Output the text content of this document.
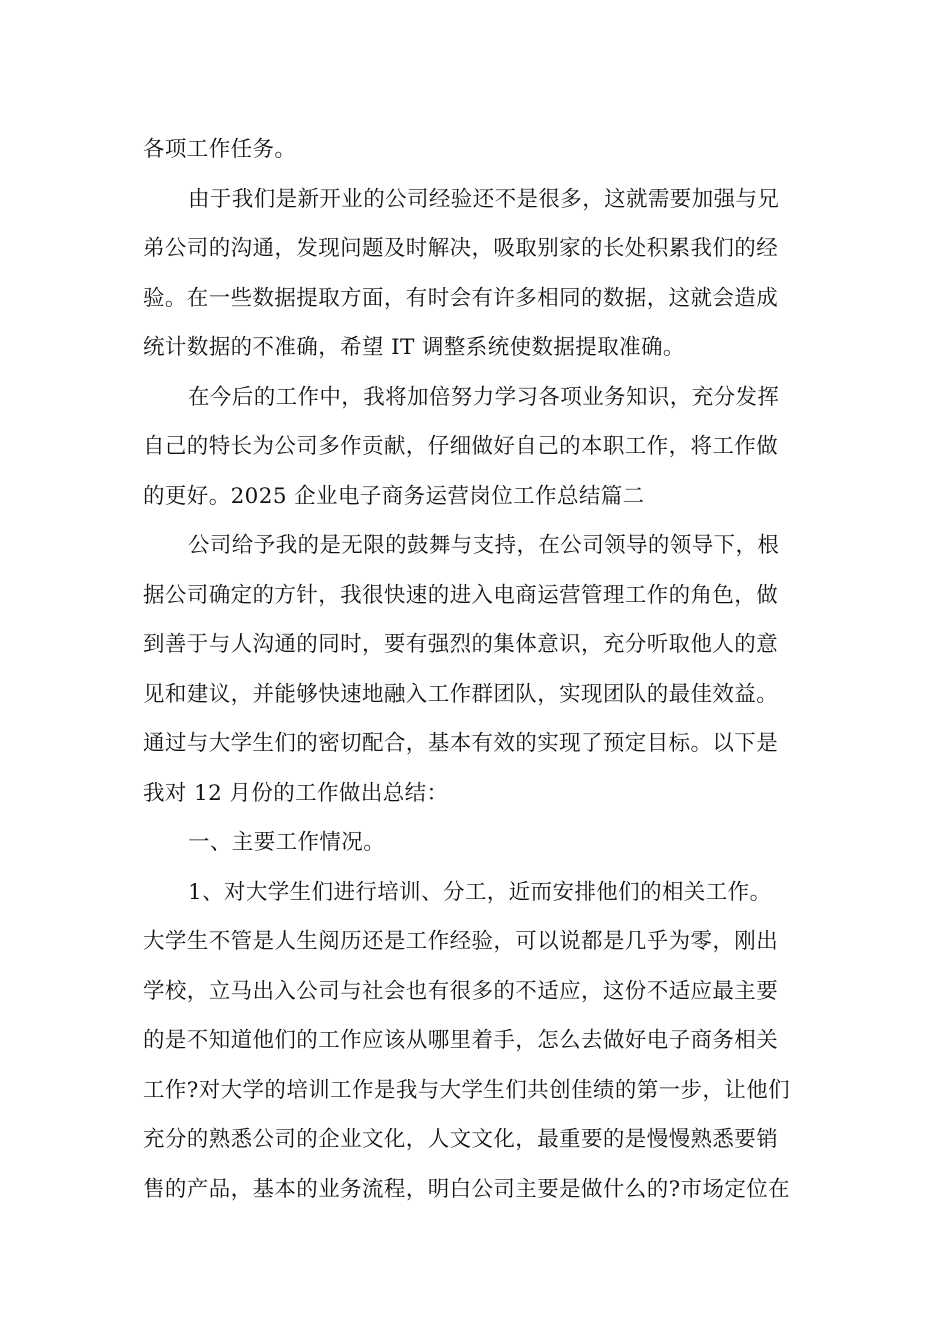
各项工作任务。
由于我们是新开业的公司经验还不是很多，这就需要加强与兄
弟公司的沟通，发现问题及时解决，吸取别家的长处积累我们的经
验。在一些数据提取方面，有时会有许多相同的数据，这就会造成
统计数据的不准确，希望 IT 调整系统使数据提取准确。
在今后的工作中，我将加倍努力学习各项业务知识，充分发挥
自己的特长为公司多作贡献，仔细做好自己的本职工作，将工作做
的更好。2025 企业电子商务运营岗位工作总结篇二
公司给予我的是无限的鼓舞与支持，在公司领导的领导下，根
据公司确定的方针，我很快速的进入电商运营管理工作的角色，做
到善于与人沟通的同时，要有强烈的集体意识，充分听取他人的意
见和建议，并能够快速地融入工作群团队，实现团队的最佳效益。
通过与大学生们的密切配合，基本有效的实现了预定目标。以下是
我对 12 月份的工作做出总结：
一、主要工作情况。
1、对大学生们进行培训、分工，近而安排他们的相关工作。
大学生不管是人生阅历还是工作经验，可以说都是几乎为零，刚出
学校，立马出入公司与社会也有很多的不适应，这份不适应最主要
的是不知道他们的工作应该从哪里着手，怎么去做好电子商务相关
工作?对大学的培训工作是我与大学生们共创佳绩的第一步，让他们
充分的熟悉公司的企业文化，人文文化，最重要的是慢慢熟悉要销
售的产品，基本的业务流程，明白公司主要是做什么的?市场定位在
